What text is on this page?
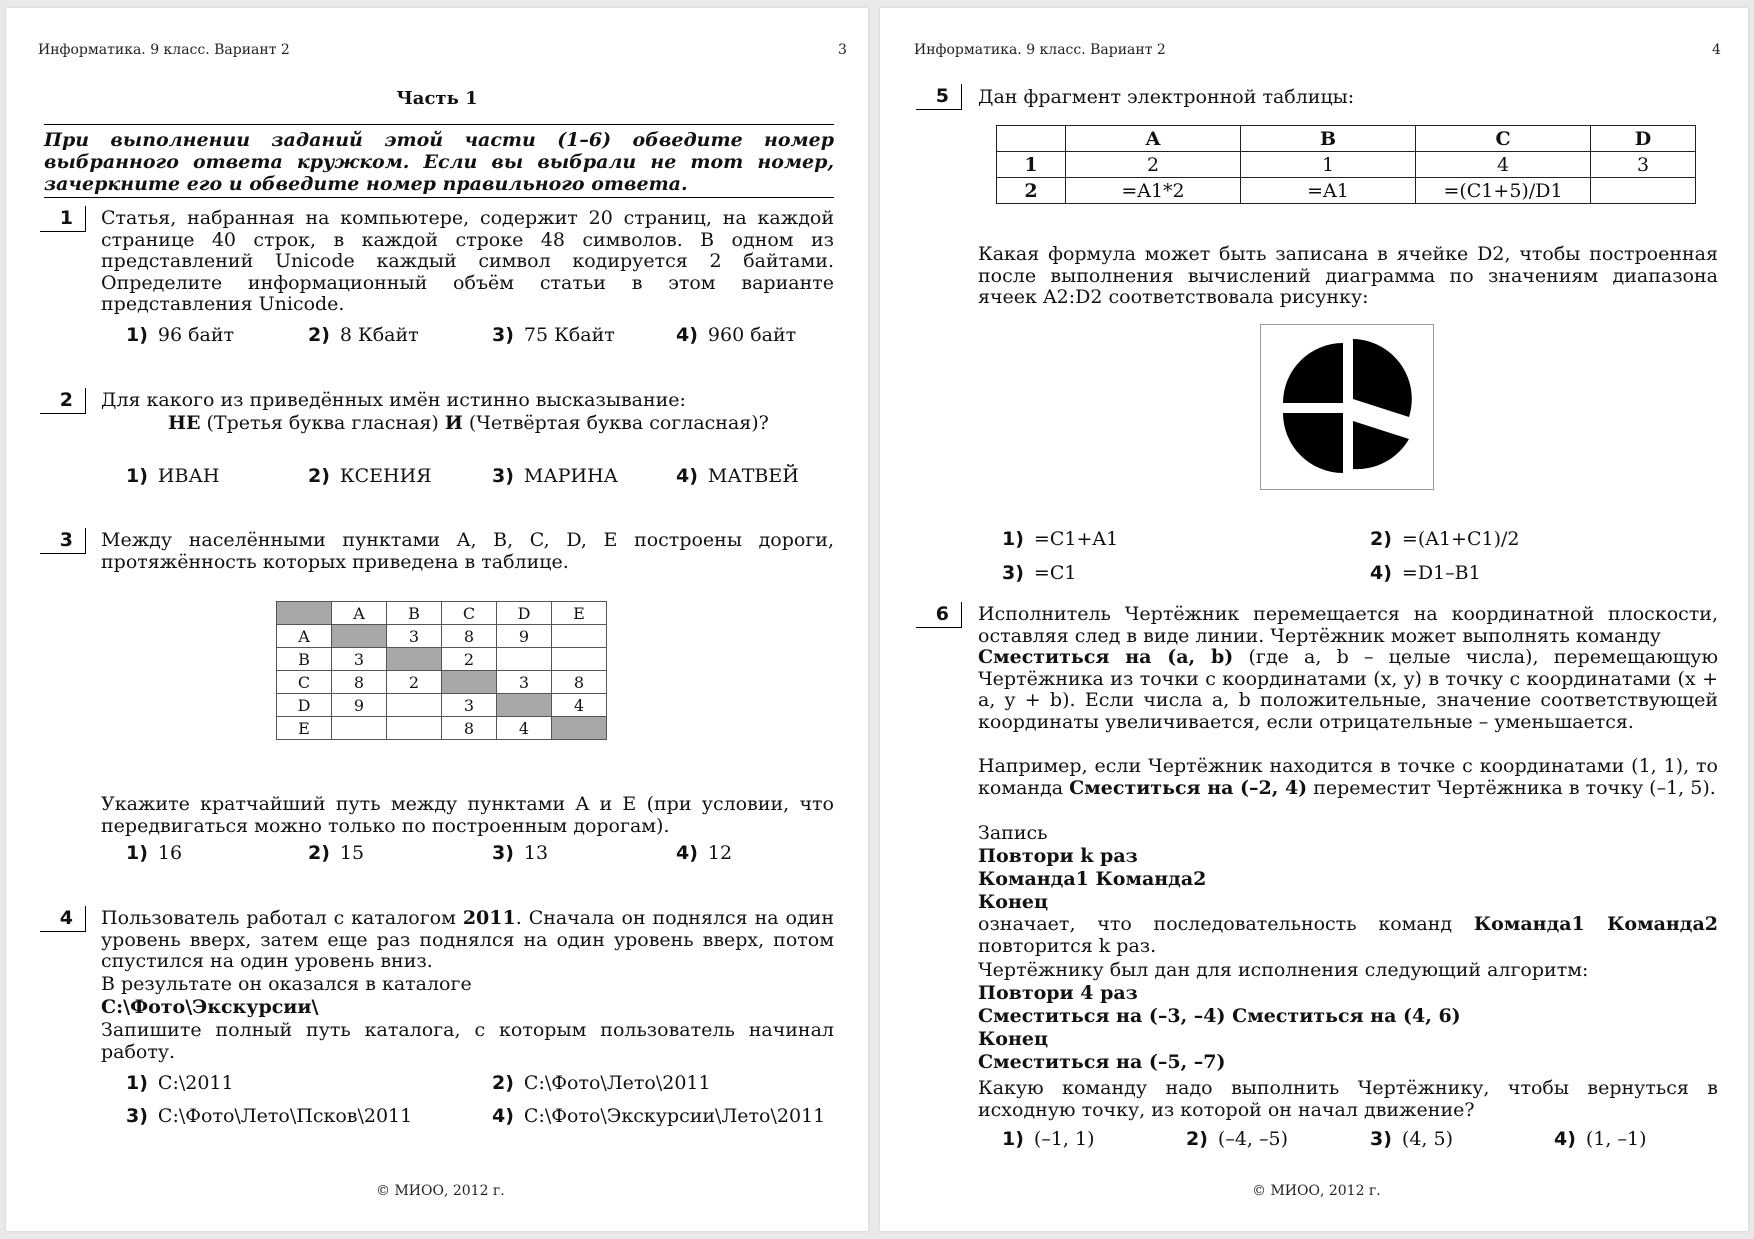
Информатика. 9 класс. Вариант 2	3
Часть 1
При выполнении заданий этой части (1–6) обведите номер выбранного ответа кружком. Если вы выбрали не тот номер, зачеркните его и обведите номер правильного ответа.
1	Статья, набранная на компьютере, содержит 20 страниц, на каждой странице 40 строк, в каждой строке 48 символов. В одном из представлений Unicode каждый символ кодируется 2 байтами. Определите информационный объём статьи в этом варианте представления Unicode.
1) 96 байт	2) 8 Кбайт	3) 75 Кбайт	4) 960 байт
2	Для какого из приведённых имён истинно высказывание:
НЕ (Третья буква гласная) И (Четвёртая буква согласная)?
1) ИВАН	2) КСЕНИЯ	3) МАРИНА	4) МАТВЕЙ
3	Между населёнными пунктами A, B, C, D, E построены дороги, протяжённость которых приведена в таблице.
	A	B	C	D	E
A		3	8	9	
B	3		2		
C	8	2		3	8
D	9		3		4
E			8	4	
Укажите кратчайший путь между пунктами A и E (при условии, что передвигаться можно только по построенным дорогам).
1) 16	2) 15	3) 13	4) 12
4	Пользователь работал с каталогом 2011. Сначала он поднялся на один уровень вверх, затем еще раз поднялся на один уровень вверх, потом спустился на один уровень вниз.
В результате он оказался в каталоге
С:\Фото\Экскурсии\
Запишите полный путь каталога, с которым пользователь начинал работу.
1) С:\2011	2) С:\Фото\Лето\2011
3) С:\Фото\Лето\Псков\2011	4) С:\Фото\Экскурсии\Лето\2011
© МИОО, 2012 г.
Информатика. 9 класс. Вариант 2	4
5	Дан фрагмент электронной таблицы:
	A	B	C	D
1	2	1	4	3
2	=A1*2	=A1	=(C1+5)/D1	
Какая формула может быть записана в ячейке D2, чтобы построенная после выполнения вычислений диаграмма по значениям диапазона ячеек A2:D2 соответствовала рисунку:
1) =C1+A1	2) =(A1+C1)/2
3) =C1	4) =D1–B1
6	Исполнитель Чертёжник перемещается на координатной плоскости, оставляя след в виде линии. Чертёжник может выполнять команду
Сместиться на (a, b) (где a, b – целые числа), перемещающую Чертёжника из точки с координатами (x, y) в точку с координатами (x + a, y + b). Если числа a, b положительные, значение соответствующей координаты увеличивается, если отрицательные – уменьшается.
Например, если Чертёжник находится в точке с координатами (1, 1), то команда Сместиться на (–2, 4) переместит Чертёжника в точку (–1, 5).
Запись
Повтори k раз
Команда1 Команда2
Конец
означает, что последовательность команд Команда1 Команда2 повторится k раз.
Чертёжнику был дан для исполнения следующий алгоритм:
Повтори 4 раз
Сместиться на (–3, –4) Сместиться на (4, 6)
Конец
Сместиться на (–5, –7)
Какую команду надо выполнить Чертёжнику, чтобы вернуться в исходную точку, из которой он начал движение?
1) (–1, 1)	2) (–4, –5)	3) (4, 5)	4) (1, –1)
© МИОО, 2012 г.
